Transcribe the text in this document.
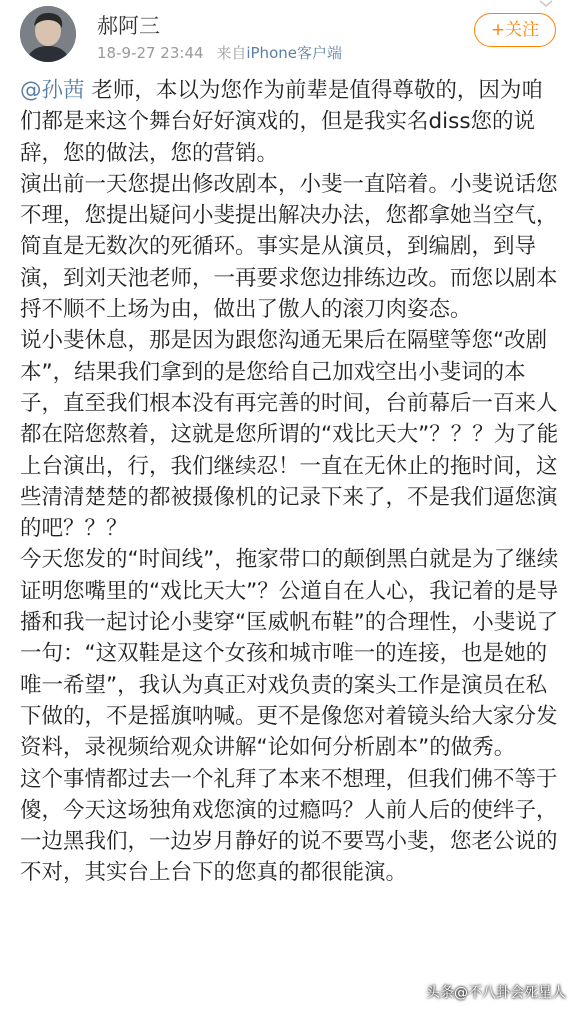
郝阿三
18-9-27 23:44 来自iPhone客户端
+关注

@孙茜 老师，本以为您作为前辈是值得尊敬的，因为咱们都是来这个舞台好好演戏的，但是我实名diss您的说辞，您的做法，您的营销。

演出前一天您提出修改剧本，小斐一直陪着。小斐说话您不理，您提出疑问小斐提出解决办法，您都拿她当空气，简直是无数次的死循环。事实是从演员，到编剧，到导演，到刘天池老师，一再要求您边排练边改。而您以剧本捋不顺不上场为由，做出了傲人的滚刀肉姿态。

说小斐休息，那是因为跟您沟通无果后在隔壁等您“改剧本”，结果我们拿到的是您给自己加戏空出小斐词的本子，直至我们根本没有再完善的时间，台前幕后一百来人都在陪您熬着，这就是您所谓的“戏比天大”？？？为了能上台演出，行，我们继续忍！一直在无休止的拖时间，这些清清楚楚的都被摄像机的记录下来了，不是我们逼您演的吧？？？

今天您发的“时间线”，拖家带口的颠倒黑白就是为了继续证明您嘴里的“戏比天大”？公道自在人心，我记着的是导播和我一起讨论小斐穿“匡威帆布鞋”的合理性，小斐说了一句：“这双鞋是这个女孩和城市唯一的连接，也是她的唯一希望”，我认为真正对戏负责的案头工作是演员在私下做的，不是摇旗呐喊。更不是像您对着镜头给大家分发资料，录视频给观众讲解“论如何分析剧本”的做秀。

这个事情都过去一个礼拜了本来不想理，但我们佛不等于傻，今天这场独角戏您演的过瘾吗？人前人后的使绊子，一边黑我们，一边岁月静好的说不要骂小斐，您老公说的不对，其实台上台下的您真的都很能演。

头条@不八卦会死星人
